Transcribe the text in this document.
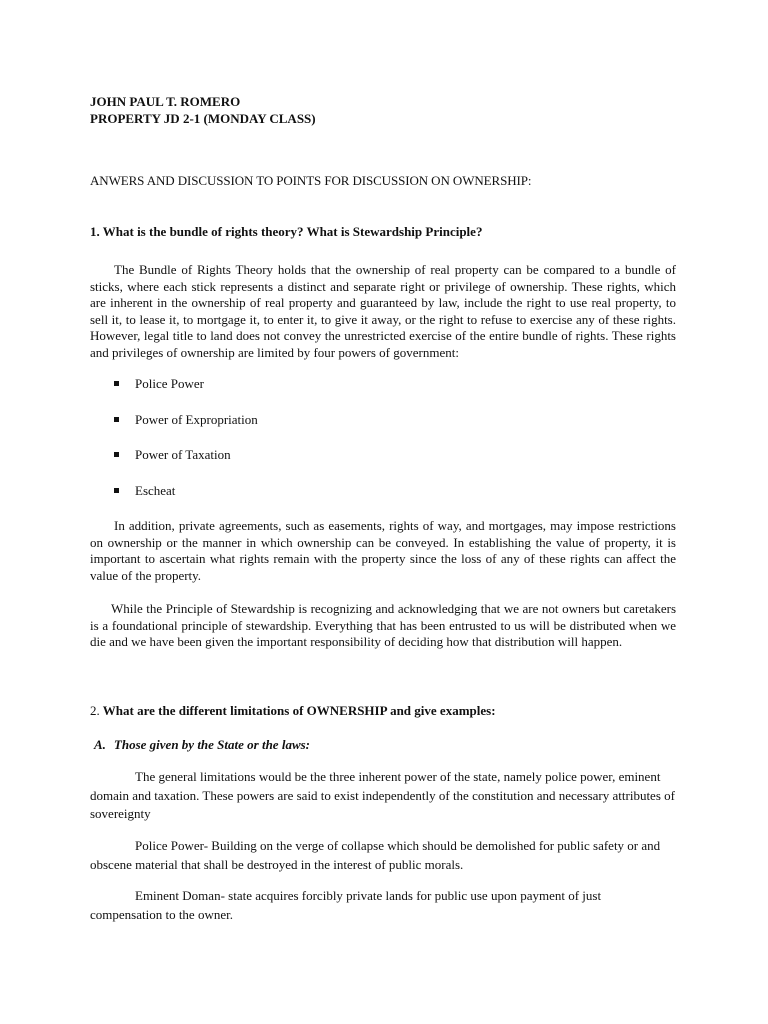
JOHN PAUL T. ROMERO
PROPERTY JD 2-1 (MONDAY CLASS)
ANWERS AND DISCUSSION TO POINTS FOR DISCUSSION ON OWNERSHIP:
1. What is the bundle of rights theory? What is Stewardship Principle?
The Bundle of Rights Theory holds that the ownership of real property can be compared to a bundle of sticks, where each stick represents a distinct and separate right or privilege of ownership. These rights, which are inherent in the ownership of real property and guaranteed by law, include the right to use real property, to sell it, to lease it, to mortgage it, to enter it, to give it away, or the right to refuse to exercise any of these rights. However, legal title to land does not convey the unrestricted exercise of the entire bundle of rights. These rights and privileges of ownership are limited by four powers of government:
Police Power
Power of Expropriation
Power of Taxation
Escheat
In addition, private agreements, such as easements, rights of way, and mortgages, may impose restrictions on ownership or the manner in which ownership can be conveyed. In establishing the value of property, it is important to ascertain what rights remain with the property since the loss of any of these rights can affect the value of the property.
While the Principle of Stewardship is recognizing and acknowledging that we are not owners but caretakers is a foundational principle of stewardship. Everything that has been entrusted to us will be distributed when we die and we have been given the important responsibility of deciding how that distribution will happen.
2. What are the different limitations of OWNERSHIP and give examples:
A. Those given by the State or the laws:
The general limitations would be the three inherent power of the state, namely police power, eminent domain and taxation. These powers are said to exist independently of the constitution and necessary attributes of sovereignty
Police Power- Building on the verge of collapse which should be demolished for public safety or and obscene material that shall be destroyed in the interest of public morals.
Eminent Doman- state acquires forcibly private lands for public use upon payment of just compensation to the owner.
